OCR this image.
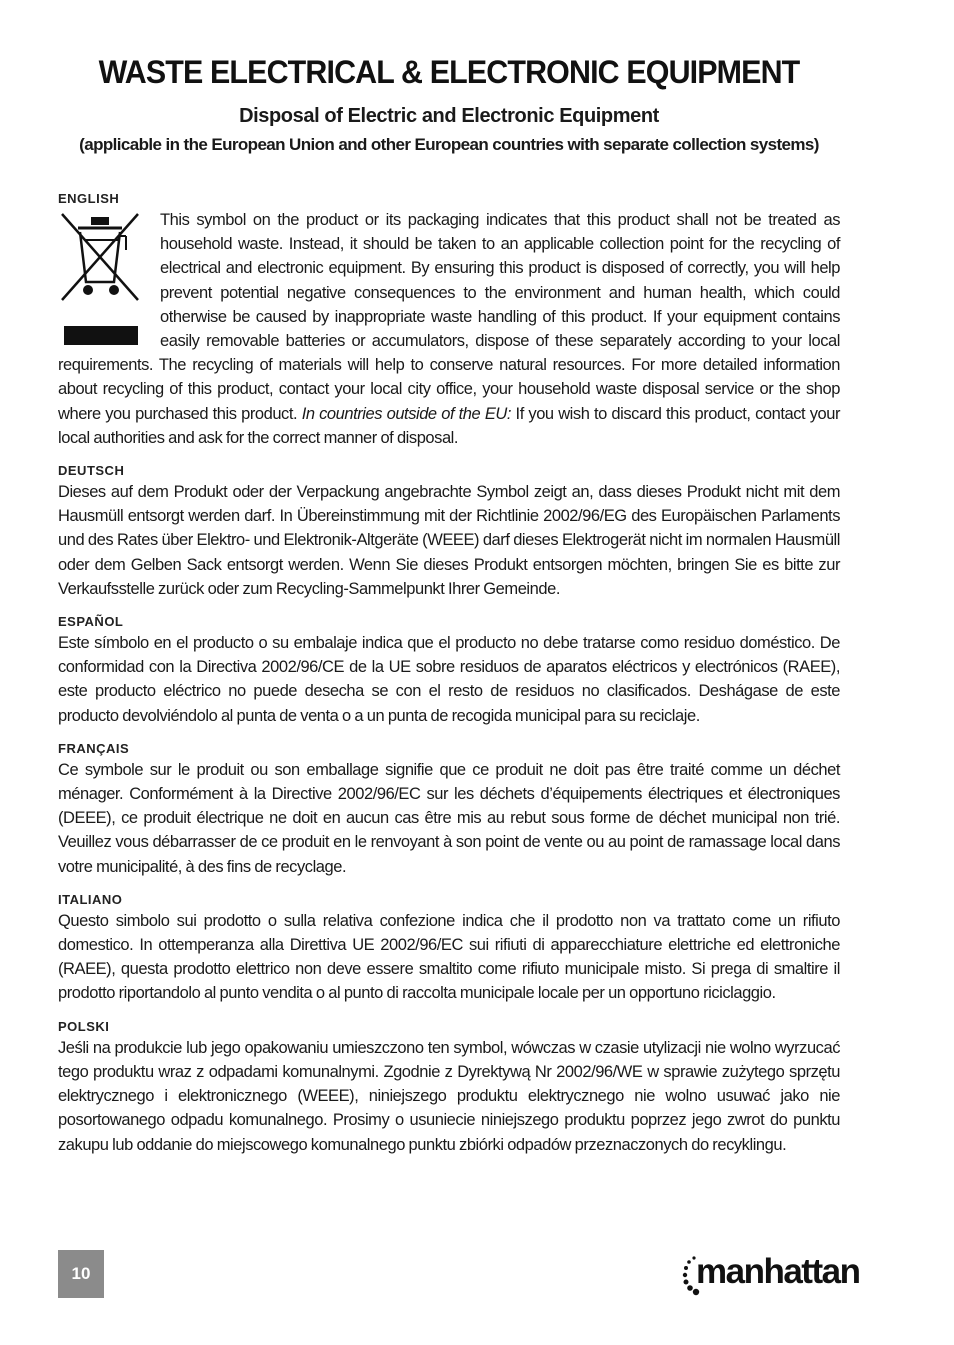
WASTE ELECTRICAL & ELECTRONIC EQUIPMENT

Disposal of Electric and Electronic Equipment

(applicable in the European Union and other European countries with separate collection systems)

ENGLISH

This symbol on the product or its packaging indicates that this product shall not be treated as household waste. Instead, it should be taken to an applicable collection point for the recycling of electrical and electronic equipment. By ensuring this product is disposed of correctly, you will help prevent potential negative consequences to the environment and human health, which could otherwise be caused by inappropriate waste handling of this product. If your equipment contains easily removable batteries or accumulators, dispose of these separately according to your local requirements. The recycling of materials will help to conserve natural resources. For more detailed information about recycling of this product, contact your local city office, your household waste disposal service or the shop where you purchased this product. In countries outside of the EU: If you wish to discard this product, contact your local authorities and ask for the correct manner of disposal.

DEUTSCH

Dieses auf dem Produkt oder der Verpackung angebrachte Symbol zeigt an, dass dieses Produkt nicht mit dem Hausmüll entsorgt werden darf. In Übereinstimmung mit der Richtlinie 2002/96/EG des Europäischen Parlaments und des Rates über Elektro- und Elektronik-Altgeräte (WEEE) darf dieses Elektrogerät nicht im normalen Hausmüll oder dem Gelben Sack entsorgt werden. Wenn Sie dieses Produkt entsorgen möchten, bringen Sie es bitte zur Verkaufsstelle zurück oder zum Recycling-Sammelpunkt Ihrer Gemeinde.

ESPAÑOL

Este símbolo en el producto o su embalaje indica que el producto no debe tratarse como residuo doméstico. De conformidad con la Directiva 2002/96/CE de la UE sobre residuos de aparatos eléctricos y electrónicos (RAEE), este producto eléctrico no puede desecha se con el resto de residuos no clasificados. Deshágase de este producto devolviéndolo al punta de venta o a un punta de recogida municipal para su reciclaje.

FRANÇAIS

Ce symbole sur le produit ou son emballage signifie que ce produit ne doit pas être traité comme un déchet ménager. Conformément à la Directive 2002/96/EC sur les déchets d’équipements électriques et électroniques (DEEE), ce produit électrique ne doit en aucun cas être mis au rebut sous forme de déchet municipal non trié. Veuillez vous débarrasser de ce produit en le renvoyant à son point de vente ou au point de ramassage local dans votre municipalité, à des fins de recyclage.

ITALIANO

Questo simbolo sui prodotto o sulla relativa confezione indica che il prodotto non va trattato come un rifiuto domestico. In ottemperanza alla Direttiva UE 2002/96/EC sui rifiuti di apparecchiature elettriche ed elettroniche (RAEE), questa prodotto elettrico non deve essere smaltito come rifiuto municipale misto. Si prega di smaltire il prodotto riportandolo al punto vendita o al punto di raccolta municipale locale per un opportuno riciclaggio.

POLSKI

Jeśli na produkcie lub jego opakowaniu umieszczono ten symbol, wówczas w czasie utylizacji nie wolno wyrzucać tego produktu wraz z odpadami komunalnymi. Zgodnie z Dyrektywą Nr 2002/96/WE w sprawie zużytego sprzętu elektrycznego i elektronicznego (WEEE), niniejszego produktu elektrycznego nie wolno usuwać jako nie posortowanego odpadu komunalnego. Prosimy o usuniecie niniejszego produktu poprzez jego zwrot do punktu zakupu lub oddanie do miejscowego komunalnego punktu zbiórki odpadów przeznaczonych do recyklingu.

10	manhattan
